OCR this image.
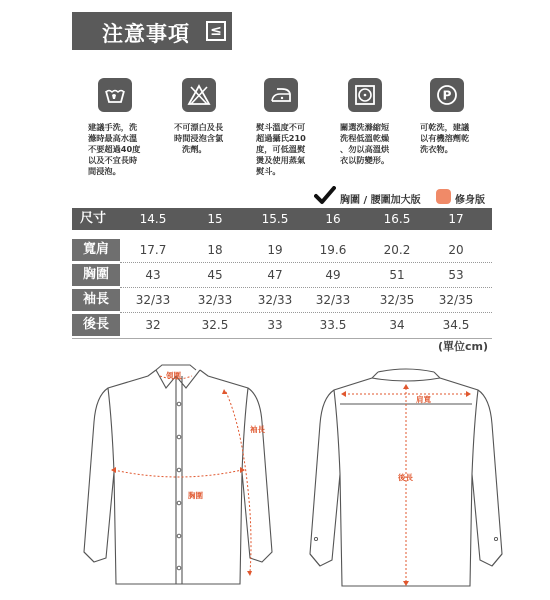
注意事項 ≤
P
建議手洗，洗
滌時最高水溫
不要超過40度
以及不宜長時
間浸泡。
不可漂白及長
時間浸泡含氯
洗劑。
熨斗溫度不可
超過攝氏210
度，可低溫熨
燙及使用蒸氣
熨斗。
關選洗滌縮短
洗程低溫乾燥
、勿以高溫烘
衣以防變形。
可乾洗，建議
以有機溶劑乾
洗衣物。
胸圍 / 腰圍加大版	修身版
尺寸	14.5	15	15.5	16	16.5	17
寬肩	17.7	18	19	19.6	20.2	20
胸圍	43	45	47	49	51	53
袖長	32/33	32/33	32/33	32/33	32/35	32/35
後長	32	32.5	33	33.5	34	34.5
(單位cm)
領圍
袖長
胸圍
肩寬
後長
